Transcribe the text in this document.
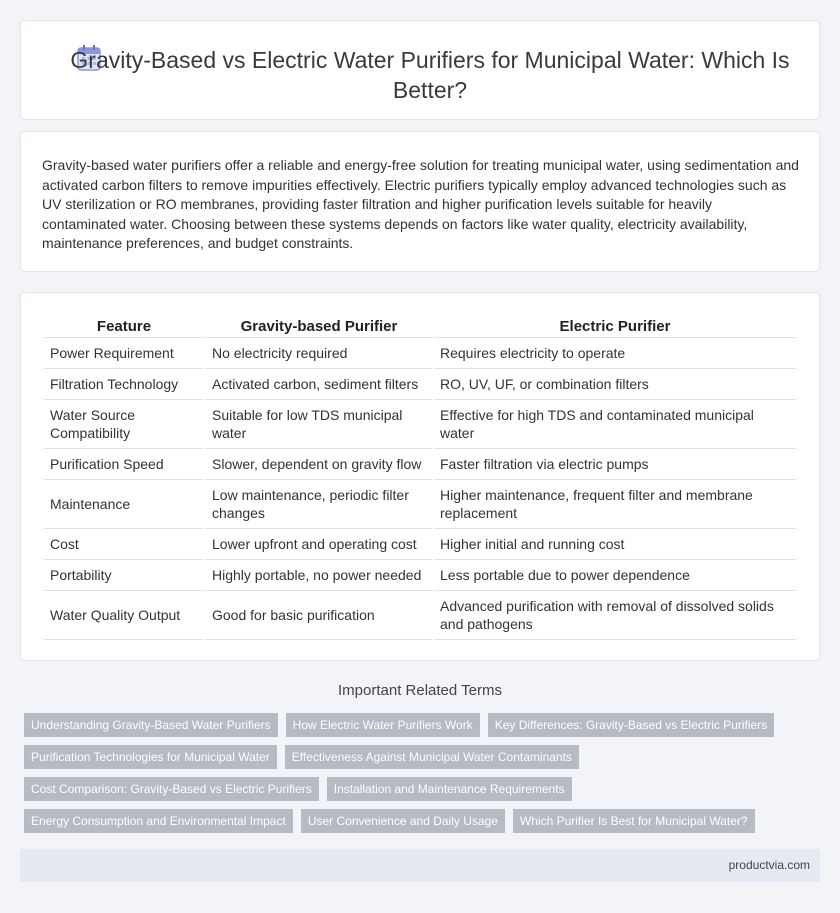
Gravity-Based vs Electric Water Purifiers for Municipal Water: Which Is Better?

Gravity-based water purifiers offer a reliable and energy-free solution for treating municipal water, using sedimentation and activated carbon filters to remove impurities effectively. Electric purifiers typically employ advanced technologies such as UV sterilization or RO membranes, providing faster filtration and higher purification levels suitable for heavily contaminated water. Choosing between these systems depends on factors like water quality, electricity availability, maintenance preferences, and budget constraints.

Feature	Gravity-based Purifier	Electric Purifier
Power Requirement	No electricity required	Requires electricity to operate
Filtration Technology	Activated carbon, sediment filters	RO, UV, UF, or combination filters
Water Source Compatibility	Suitable for low TDS municipal water	Effective for high TDS and contaminated municipal water
Purification Speed	Slower, dependent on gravity flow	Faster filtration via electric pumps
Maintenance	Low maintenance, periodic filter changes	Higher maintenance, frequent filter and membrane replacement
Cost	Lower upfront and operating cost	Higher initial and running cost
Portability	Highly portable, no power needed	Less portable due to power dependence
Water Quality Output	Good for basic purification	Advanced purification with removal of dissolved solids and pathogens
Important Related Terms
Understanding Gravity-Based Water Purifiers	How Electric Water Purifiers Work	Key Differences: Gravity-Based vs Electric Purifiers
Purification Technologies for Municipal Water	Effectiveness Against Municipal Water Contaminants
Cost Comparison: Gravity-Based vs Electric Purifiers	Installation and Maintenance Requirements
Energy Consumption and Environmental Impact	User Convenience and Daily Usage	Which Purifier Is Best for Municipal Water?
productvia.com
